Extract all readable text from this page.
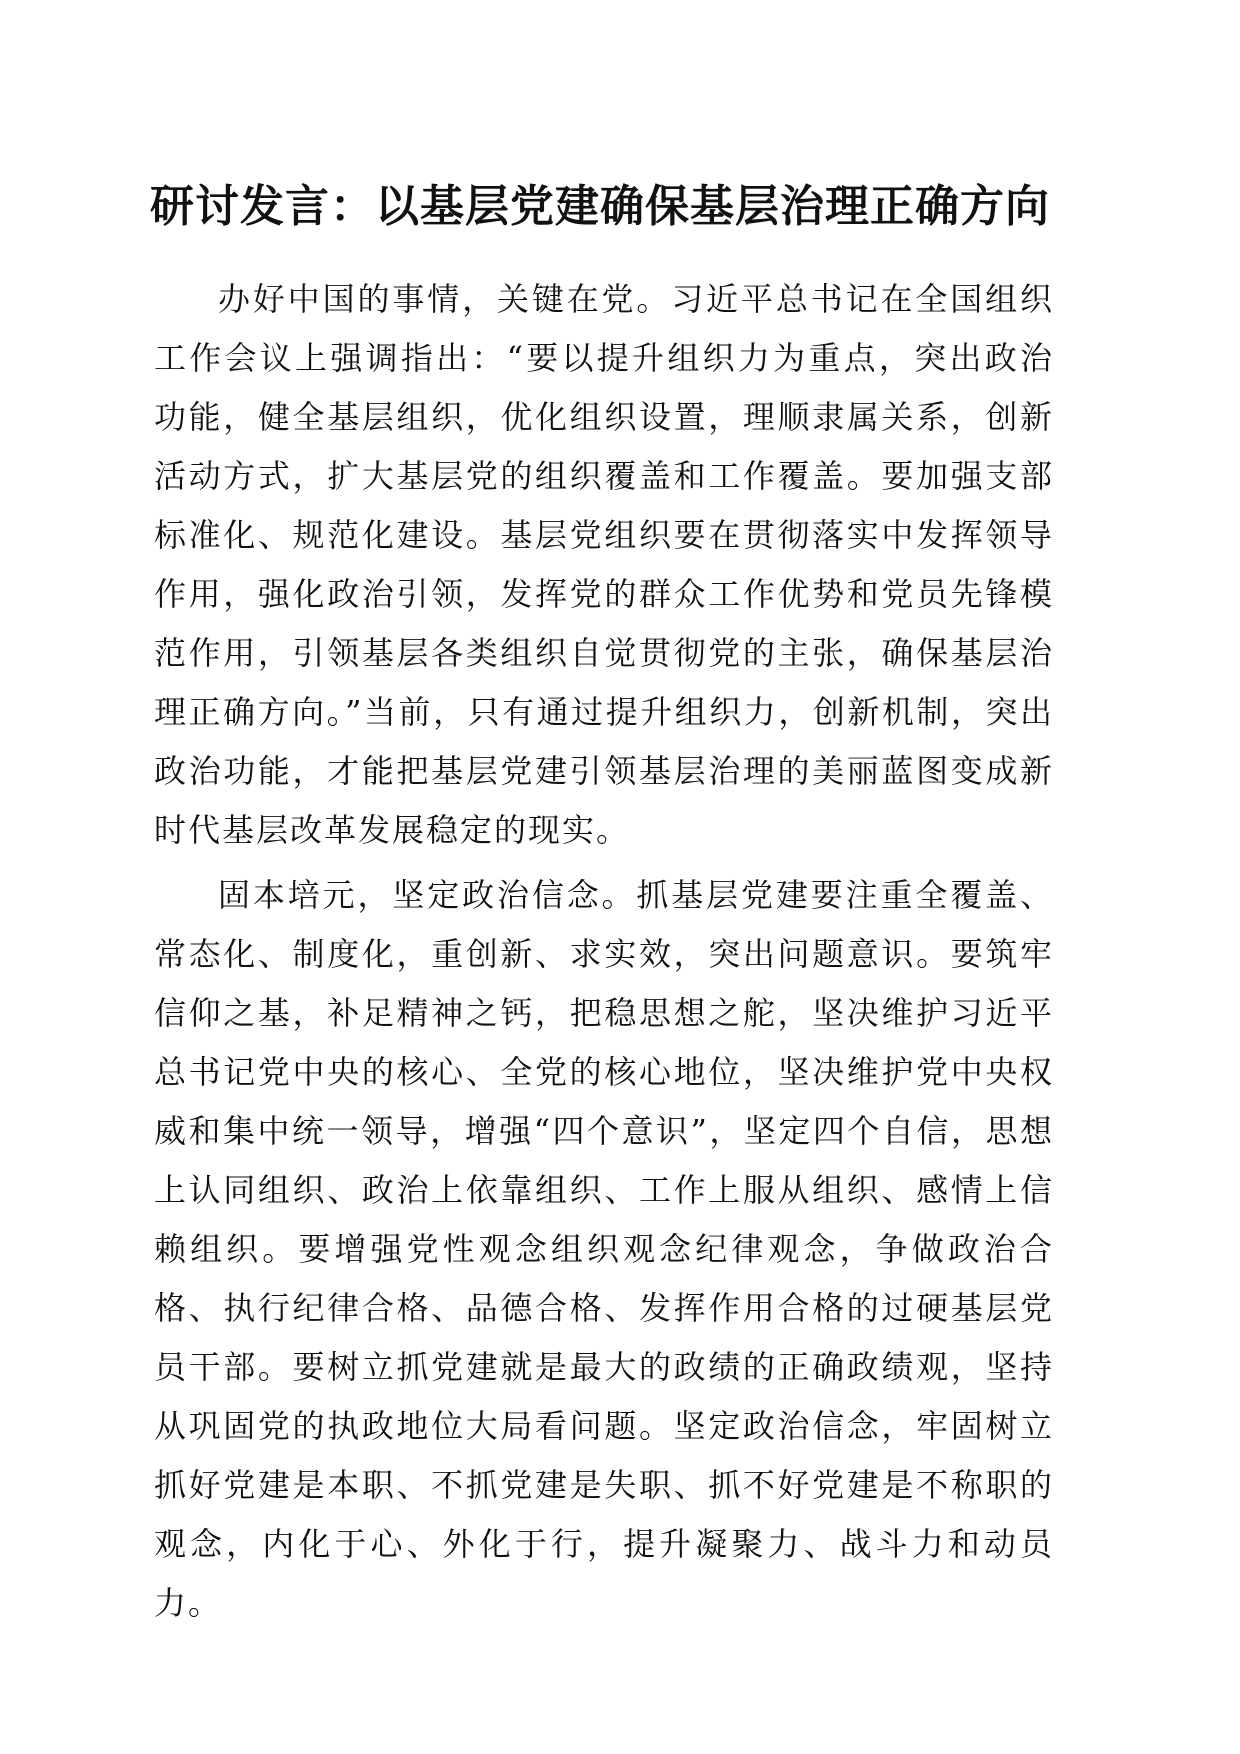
研讨发言：以基层党建确保基层治理正确方向

办好中国的事情，关键在党。习近平总书记在全国组织工作会议上强调指出：“要以提升组织力为重点，突出政治功能，健全基层组织，优化组织设置，理顺隶属关系，创新活动方式，扩大基层党的组织覆盖和工作覆盖。要加强支部标准化、规范化建设。基层党组织要在贯彻落实中发挥领导作用，强化政治引领，发挥党的群众工作优势和党员先锋模范作用，引领基层各类组织自觉贯彻党的主张，确保基层治理正确方向。”当前，只有通过提升组织力，创新机制，突出政治功能，才能把基层党建引领基层治理的美丽蓝图变成新时代基层改革发展稳定的现实。

固本培元，坚定政治信念。抓基层党建要注重全覆盖、常态化、制度化，重创新、求实效，突出问题意识。要筑牢信仰之基，补足精神之钙，把稳思想之舵，坚决维护习近平总书记党中央的核心、全党的核心地位，坚决维护党中央权威和集中统一领导，增强“四个意识”，坚定四个自信，思想上认同组织、政治上依靠组织、工作上服从组织、感情上信赖组织。要增强党性观念组织观念纪律观念，争做政治合格、执行纪律合格、品德合格、发挥作用合格的过硬基层党员干部。要树立抓党建就是最大的政绩的正确政绩观，坚持从巩固党的执政地位大局看问题。坚定政治信念，牢固树立抓好党建是本职、不抓党建是失职、抓不好党建是不称职的观念，内化于心、外化于行，提升凝聚力、战斗力和动员力。
